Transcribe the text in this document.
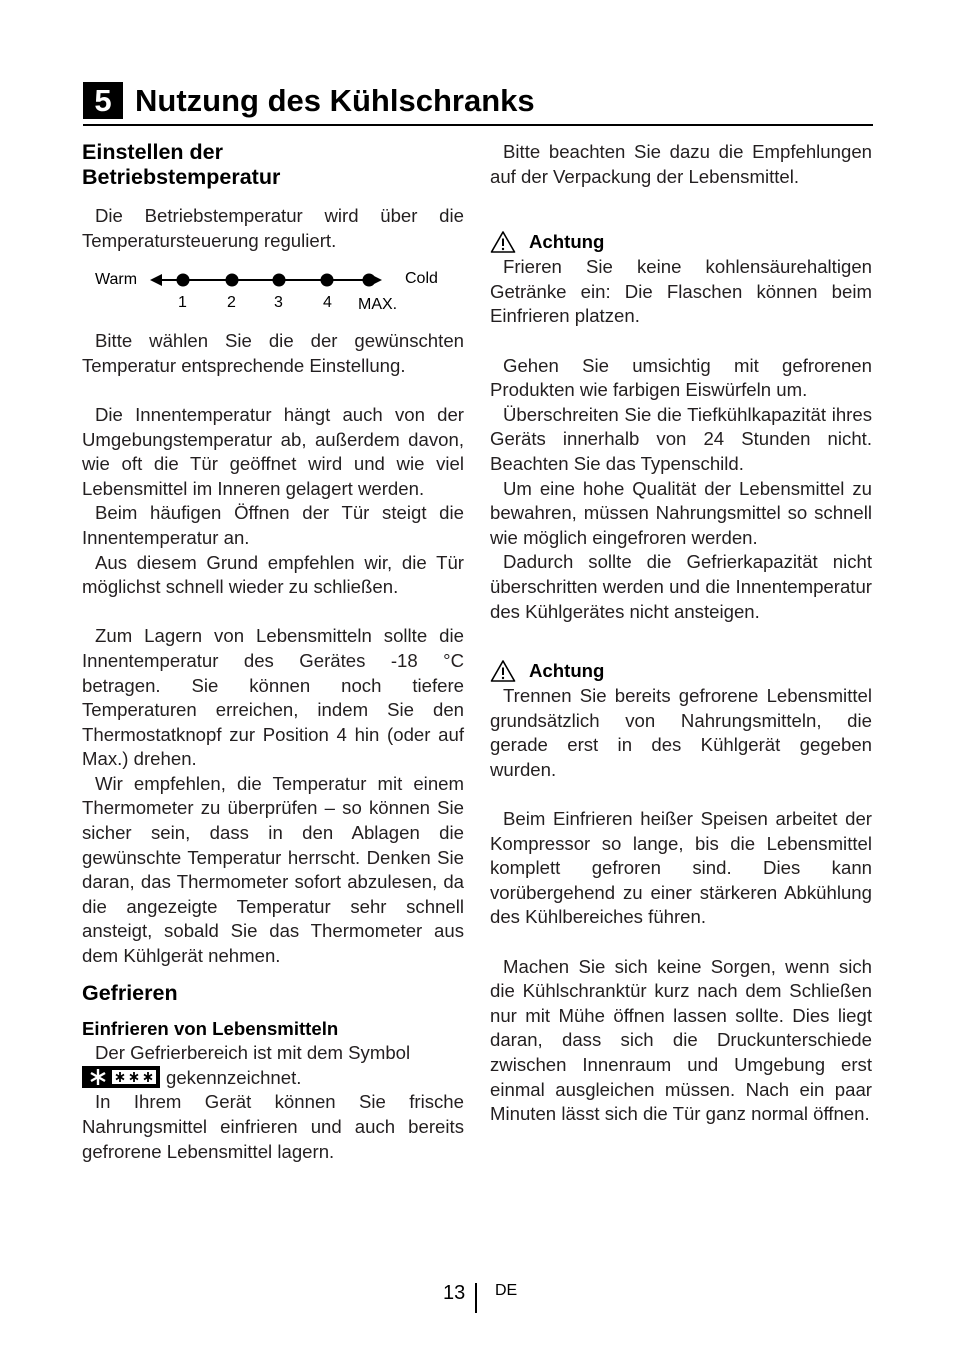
5 Nutzung des Kühlschranks
Einstellen der Betriebstemperatur

Die Betriebstemperatur wird über die Temperatursteuerung reguliert.

Warm	Cold
1	2 3	4 MAX.

Bitte wählen Sie die der gewünschten Temperatur entsprechende Einstellung.

Die Innentemperatur hängt auch von der Umgebungstemperatur ab, außerdem davon, wie oft die Tür geöffnet wird und wie viel Lebensmittel im Inneren gelagert werden.

Beim häufigen Öffnen der Tür steigt die Innentemperatur an.

Aus diesem Grund empfehlen wir, die Tür möglichst schnell wieder zu schließen.

Zum Lagern von Lebensmitteln sollte die Innentemperatur des Gerätes -18 °C betragen. Sie können noch tiefere Temperaturen erreichen, indem Sie den Thermostatknopf zur Position 4 hin (oder auf Max.) drehen.

Wir empfehlen, die Temperatur mit einem Thermometer zu überprüfen – so können Sie sicher sein, dass in den Ablagen die gewünschte Temperatur herrscht. Denken Sie daran, das Thermometer sofort abzulesen, da die angezeigte Temperatur sehr schnell ansteigt, sobald Sie das Thermometer aus dem Kühlgerät nehmen.

Gefrieren
Einfrieren von Lebensmitteln

Der Gefrierbereich ist mit dem Symbol
gekennzeichnet.

In Ihrem Gerät können Sie frische Nahrungsmittel einfrieren und auch bereits gefrorene Lebensmittel lagern.

Bitte beachten Sie dazu die Empfehlungen auf der Verpackung der Lebensmittel.

Achtung

Frieren Sie keine kohlensäurehaltigen Getränke ein: Die Flaschen können beim Einfrieren platzen.

Gehen Sie umsichtig mit gefrorenen Produkten wie farbigen Eiswürfeln um.

Überschreiten Sie die Tiefkühlkapazität ihres Geräts innerhalb von 24 Stunden nicht. Beachten Sie das Typenschild.

Um eine hohe Qualität der Lebensmittel zu bewahren, müssen Nahrungsmittel so schnell wie möglich eingefroren werden.

Dadurch sollte die Gefrierkapazität nicht überschritten werden und die Innentemperatur des Kühlgerätes nicht ansteigen.

Achtung

Trennen Sie bereits gefrorene Lebensmittel grundsätzlich von Nahrungsmitteln, die gerade erst in des Kühlgerät gegeben wurden.

Beim Einfrieren heißer Speisen arbeitet der Kompressor so lange, bis die Lebensmittel komplett gefroren sind. Dies kann vorübergehend zu einer stärkeren Abkühlung des Kühlbereiches führen.

Machen Sie sich keine Sorgen, wenn sich die Kühlschranktür kurz nach dem Schließen nur mit Mühe öffnen lassen sollte. Dies liegt daran, dass sich die Druckunterschiede zwischen Innenraum und Umgebung erst einmal ausgleichen müssen. Nach ein paar Minuten lässt sich die Tür ganz normal öffnen.

13 DE
